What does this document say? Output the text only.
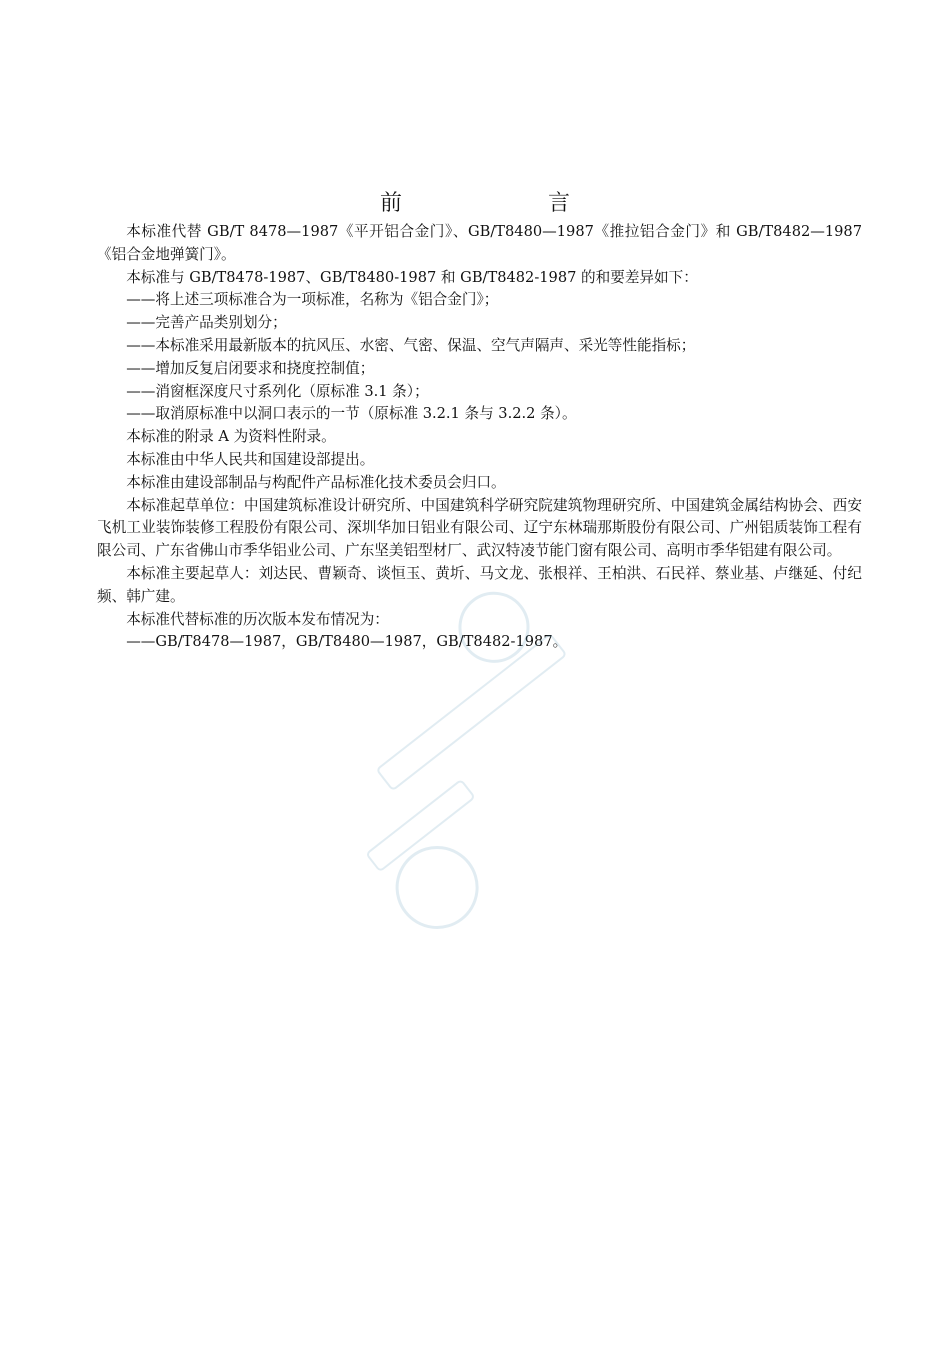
前　言

本标准代替 GB/T 8478—1987《平开铝合金门》、GB/T8480—1987《推拉铝合金门》和 GB/T8482—1987《铝合金地弹簧门》。

本标准与 GB/T8478-1987、GB/T8480-1987 和 GB/T8482-1987 的和要差异如下：

——将上述三项标准合为一项标准，名称为《铝合金门》；

——完善产品类别划分；

——本标准采用最新版本的抗风压、水密、气密、保温、空气声隔声、采光等性能指标；

——增加反复启闭要求和挠度控制值；

——消窗框深度尺寸系列化（原标准 3.1 条）；

——取消原标准中以洞口表示的一节（原标准 3.2.1 条与 3.2.2 条）。

本标准的附录 A 为资料性附录。

本标准由中华人民共和国建设部提出。

本标准由建设部制品与构配件产品标准化技术委员会归口。

本标准起草单位：中国建筑标准设计研究所、中国建筑科学研究院建筑物理研究所、中国建筑金属结构协会、西安飞机工业装饰装修工程股份有限公司、深圳华加日铝业有限公司、辽宁东林瑞那斯股份有限公司、广州铝质装饰工程有限公司、广东省佛山市季华铝业公司、广东坚美铝型材厂、武汉特凌节能门窗有限公司、高明市季华铝建有限公司。

本标准主要起草人：刘达民、曹颖奇、谈恒玉、黄圻、马文龙、张根祥、王柏洪、石民祥、蔡业基、卢继延、付纪频、韩广建。

本标准代替标准的历次版本发布情况为：

——GB/T8478—1987，GB/T8480—1987，GB/T8482-1987。
